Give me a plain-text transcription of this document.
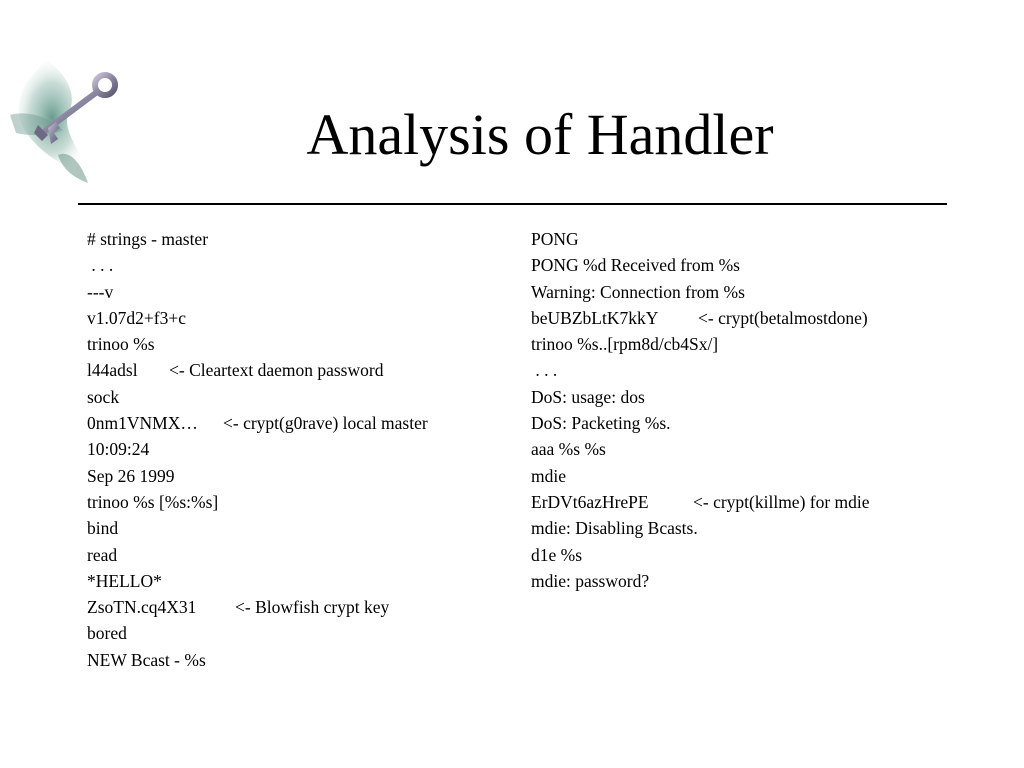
Analysis of Handler
# strings - master
. . .
---v
v1.07d2+f3+c
trinoo %s
l44adsl	<- Cleartext daemon password
sock
0nm1VNMX…	<- crypt(g0rave) local master
10:09:24
Sep 26 1999
trinoo %s [%s:%s]
bind
read
*HELLO*
ZsoTN.cq4X31	<- Blowfish crypt key
bored
NEW Bcast - %s
PONG
PONG %d Received from %s
Warning: Connection from %s
beUBZbLtK7kkY	<- crypt(betalmostdone)
trinoo %s..[rpm8d/cb4Sx/]
. . .
DoS: usage: dos
DoS: Packeting %s.
aaa %s %s
mdie
ErDVt6azHrePE	<- crypt(killme) for mdie
mdie: Disabling Bcasts.
d1e %s
mdie: password?
